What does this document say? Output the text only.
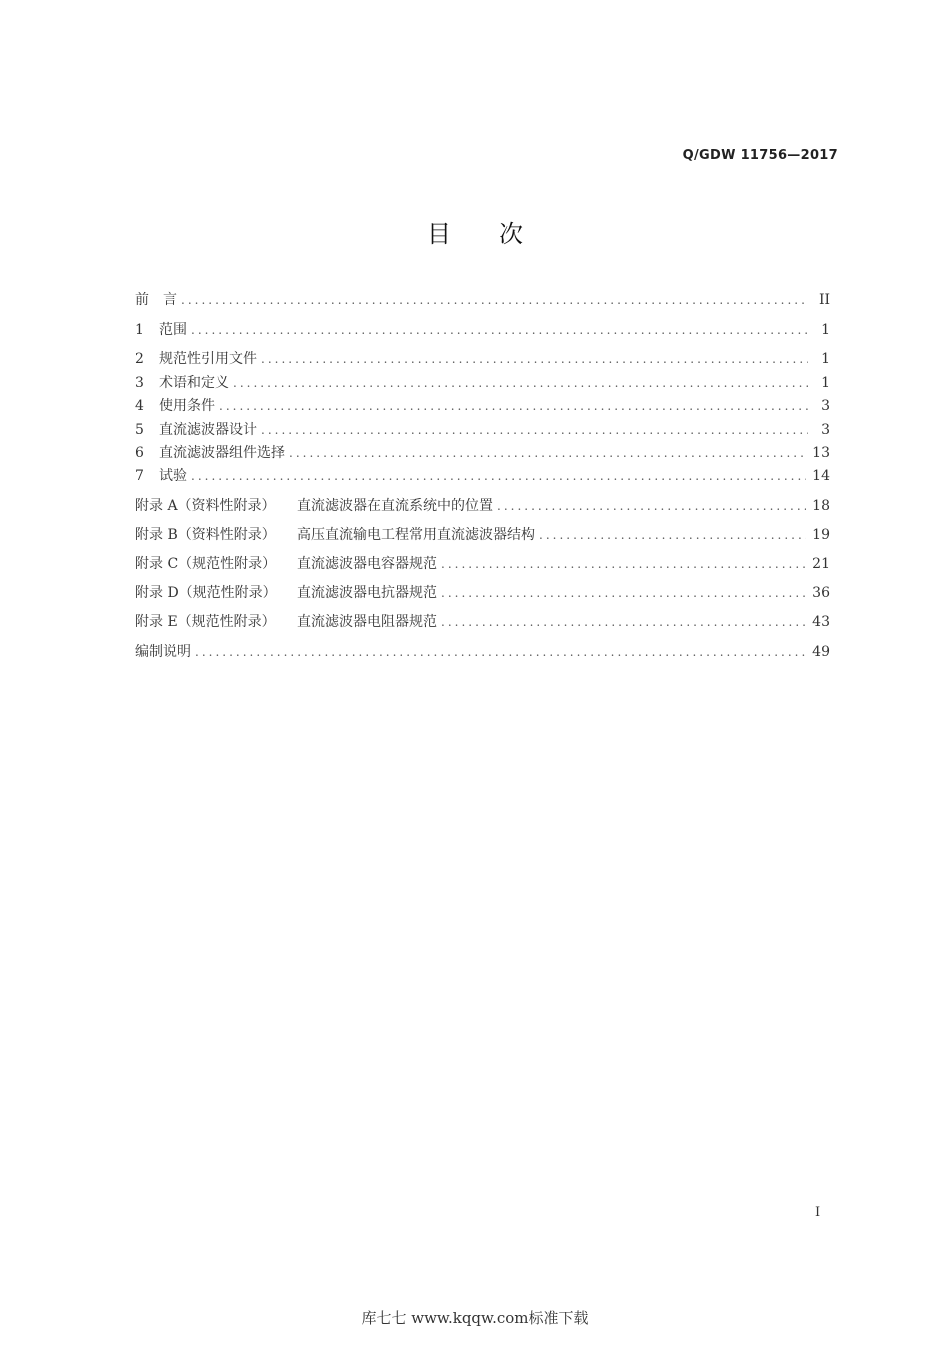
Q/GDW 11756—2017
目次
前　言 .....	II
1 范围 .....	1
2 规范性引用文件 .....	1
3 术语和定义 .....	1
4 使用条件 .....	3
5 直流滤波器设计 .....	3
6 直流滤波器组件选择 .....	13
7 试验 .....	14
附录 A（资料性附录） 直流滤波器在直流系统中的位置 .....	18
附录 B（资料性附录） 高压直流输电工程常用直流滤波器结构 .....	19
附录 C（规范性附录） 直流滤波器电容器规范 .....	21
附录 D（规范性附录） 直流滤波器电抗器规范 .....	36
附录 E（规范性附录） 直流滤波器电阻器规范 .....	43
编制说明 .....	49
I
库七七 www.kqqw.com标准下载
